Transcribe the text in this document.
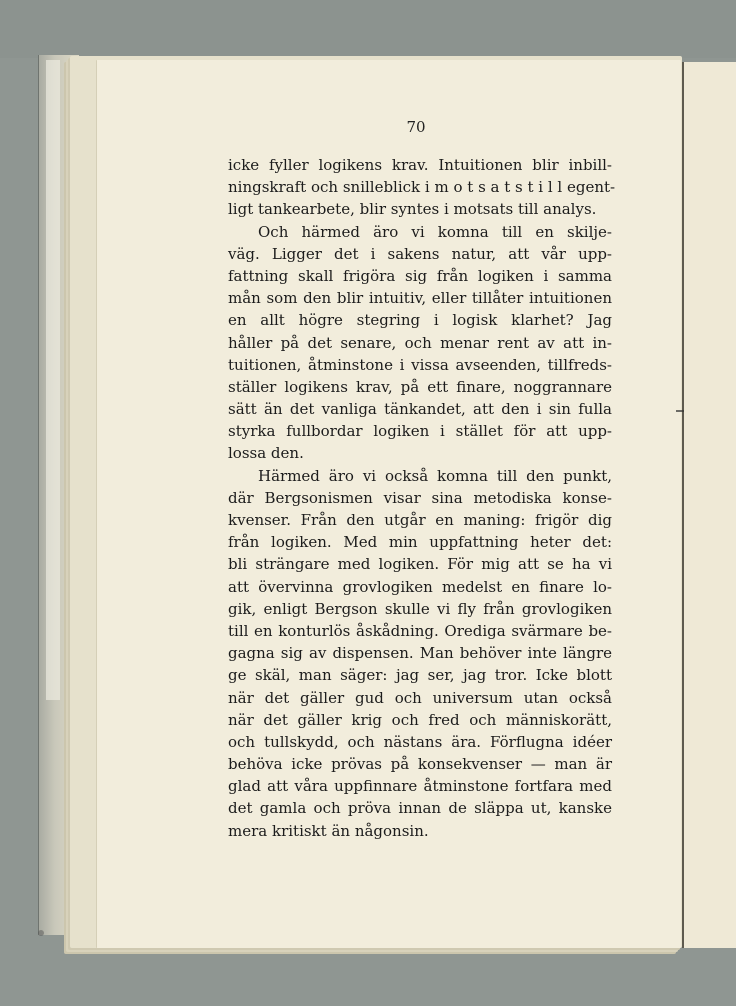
70
icke fyller logikens krav. Intuitionen blir inbill-
ningskraft och snilleblick i m o t s a t s t i l l egent-
ligt tankearbete, blir syntes i motsats till analys.
Och härmed äro vi komna till en skilje-
väg. Ligger det i sakens natur, att vår upp-
fattning skall frigöra sig från logiken i samma
mån som den blir intuitiv, eller tillåter intuitionen
en allt högre stegring i logisk klarhet? Jag
håller på det senare, och menar rent av att in-
tuitionen, åtminstone i vissa avseenden, tillfreds-
ställer logikens krav, på ett finare, noggrannare
sätt än det vanliga tänkandet, att den i sin fulla
styrka fullbordar logiken i stället för att upp-
lossa den.
Härmed äro vi också komna till den punkt,
där Bergsonismen visar sina metodiska konse-
kvenser. Från den utgår en maning: frigör dig
från logiken. Med min uppfattning heter det:
bli strängare med logiken. För mig att se ha vi
att övervinna grovlogiken medelst en finare lo-
gik, enligt Bergson skulle vi fly från grovlogiken
till en konturlös åskådning. Orediga svärmare be-
gagna sig av dispensen. Man behöver inte längre
ge skäl, man säger: jag ser, jag tror. Icke blott
när det gäller gud och universum utan också
när det gäller krig och fred och människorätt,
och tullskydd, och nästans ära. Förflugna idéer
behöva icke prövas på konsekvenser — man är
glad att våra uppfinnare åtminstone fortfara med
det gamla och pröva innan de släppa ut, kanske
mera kritiskt än någonsin.
